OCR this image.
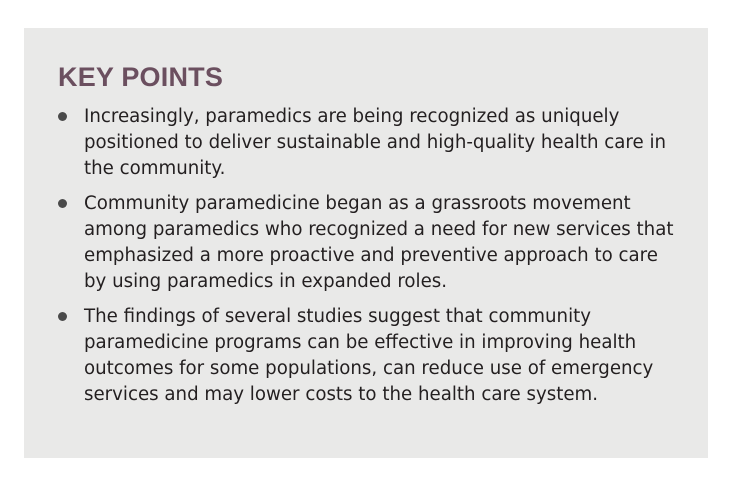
KEY POINTS
Increasingly, paramedics are being recognized as uniquely positioned to deliver sustainable and high-quality health care in the community.
Community paramedicine began as a grassroots movement among paramedics who recognized a need for new services that emphasized a more proactive and preventive approach to care by using paramedics in expanded roles.
The findings of several studies suggest that community paramedicine programs can be effective in improving health outcomes for some populations, can reduce use of emergency services and may lower costs to the health care system.
